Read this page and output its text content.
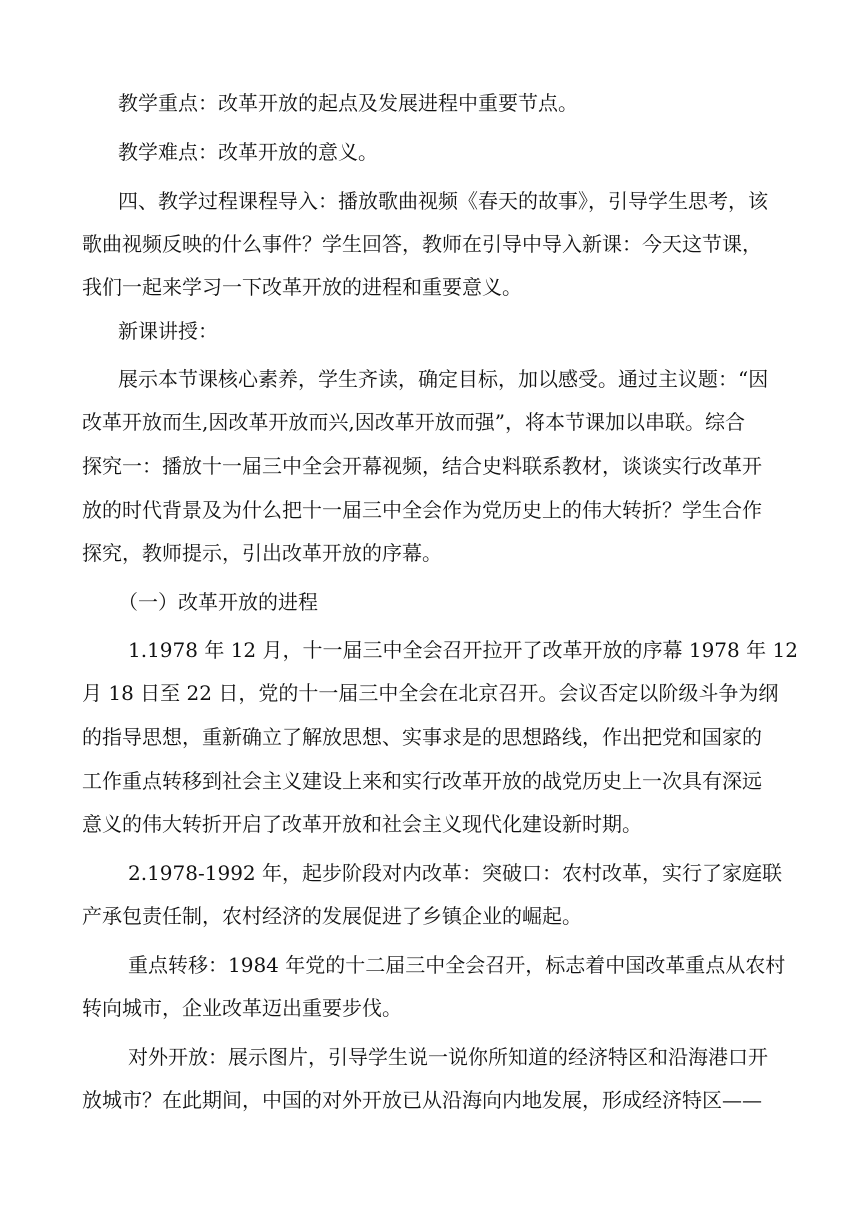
教学重点：改革开放的起点及发展进程中重要节点。
教学难点：改革开放的意义。
四、教学过程课程导入：播放歌曲视频《春天的故事》，引导学生思考，该
歌曲视频反映的什么事件？学生回答，教师在引导中导入新课：今天这节课，
我们一起来学习一下改革开放的进程和重要意义。
新课讲授：
展示本节课核心素养，学生齐读，确定目标，加以感受。通过主议题：“因
改革开放而生,因改革开放而兴,因改革开放而强”，将本节课加以串联。综合
探究一：播放十一届三中全会开幕视频，结合史料联系教材，谈谈实行改革开
放的时代背景及为什么把十一届三中全会作为党历史上的伟大转折？学生合作
探究，教师提示，引出改革开放的序幕。
（一）改革开放的进程
1.1978 年 12 月，十一届三中全会召开拉开了改革开放的序幕 1978 年 12
月 18 日至 22 日，党的十一届三中全会在北京召开。会议否定以阶级斗争为纲
的指导思想，重新确立了解放思想、实事求是的思想路线，作出把党和国家的
工作重点转移到社会主义建设上来和实行改革开放的战党历史上一次具有深远
意义的伟大转折开启了改革开放和社会主义现代化建设新时期。
2.1978-1992 年，起步阶段对内改革：突破口：农村改革，实行了家庭联
产承包责任制，农村经济的发展促进了乡镇企业的崛起。
重点转移：1984 年党的十二届三中全会召开，标志着中国改革重点从农村
转向城市，企业改革迈出重要步伐。
对外开放：展示图片，引导学生说一说你所知道的经济特区和沿海港口开
放城市？在此期间，中国的对外开放已从沿海向内地发展，形成经济特区——
